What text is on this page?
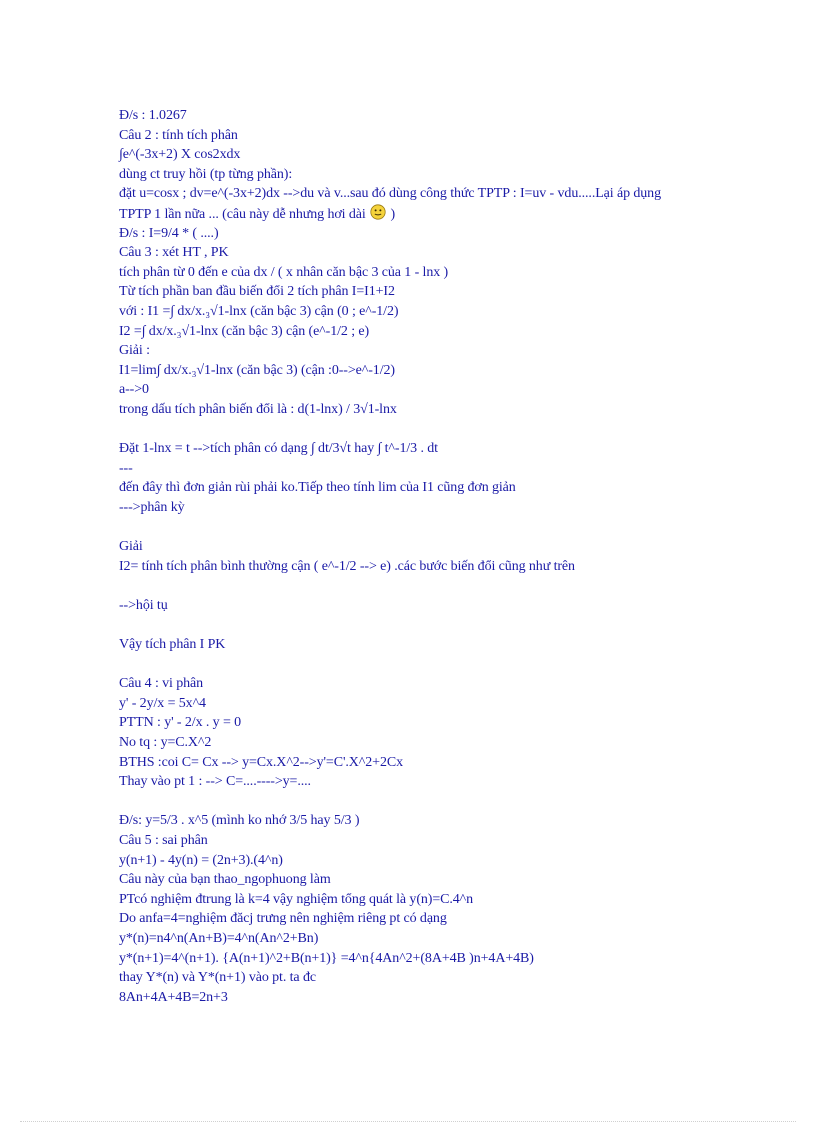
Đ/s : 1.0267
Câu 2 : tính tích phân
∫e^(-3x+2) X cos2xdx
dùng ct truy hồi (tp từng phần):
đặt u=cosx ; dv=e^(-3x+2)dx -->du và v...sau đó dùng công thức TPTP : I=uv - vdu.....Lại áp dụng
TPTP 1 lần nữa ... (câu này dễ nhưng hơi dài )
Đ/s : I=9/4 * ( ....)
Câu 3 : xét HT , PK
tích phân từ 0 đến e của dx / ( x nhân căn bậc 3 của 1 - lnx )
Từ tích phần ban đầu biến đổi 2 tích phân I=I1+I2
với : I1 =∫ dx/x.₃√1-lnx (căn bậc 3) cận (0 ; e^-1/2)
I2 =∫ dx/x.₃√1-lnx (căn bậc 3) cận (e^-1/2 ; e)
Giải :
I1=lim∫ dx/x.₃√1-lnx (căn bậc 3) (cận :0-->e^-1/2)
a-->0
trong dấu tích phân biến đổi là : d(1-lnx) / 3√1-lnx
Đặt 1-lnx = t -->tích phân có dạng ∫ dt/3√t hay ∫ t^-1/3 . dt
---
đến đây thì đơn giản rùi phải ko.Tiếp theo tính lim của I1 cũng đơn giản
--->phân kỳ
Giải
I2= tính tích phân bình thường cận ( e^-1/2 --> e) .các bước biến đổi cũng như trên
-->hội tụ
Vậy tích phân I PK
Câu 4 : vi phân
y' - 2y/x = 5x^4
PTTN : y' - 2/x . y = 0
No tq : y=C.X^2
BTHS :coi C= Cx --> y=Cx.X^2-->y'=C'.X^2+2Cx
Thay vào pt 1 : --> C=....---->y=....
Đ/s: y=5/3 . x^5 (mình ko nhớ 3/5 hay 5/3 )
Câu 5 : sai phân
y(n+1) - 4y(n) = (2n+3).(4^n)
Câu này của bạn thao_ngophuong làm
PTcó nghiệm đtrung là k=4 vậy nghiệm tổng quát là y(n)=C.4^n
Do anfa=4=nghiệm đăcj trưng nên nghiệm riêng pt có dạng
y*(n)=n4^n(An+B)=4^n(An^2+Bn)
y*(n+1)=4^(n+1). {A(n+1)^2+B(n+1)} =4^n{4An^2+(8A+4B )n+4A+4B)
thay Y*(n) và Y*(n+1) vào pt. ta đc
8An+4A+4B=2n+3
